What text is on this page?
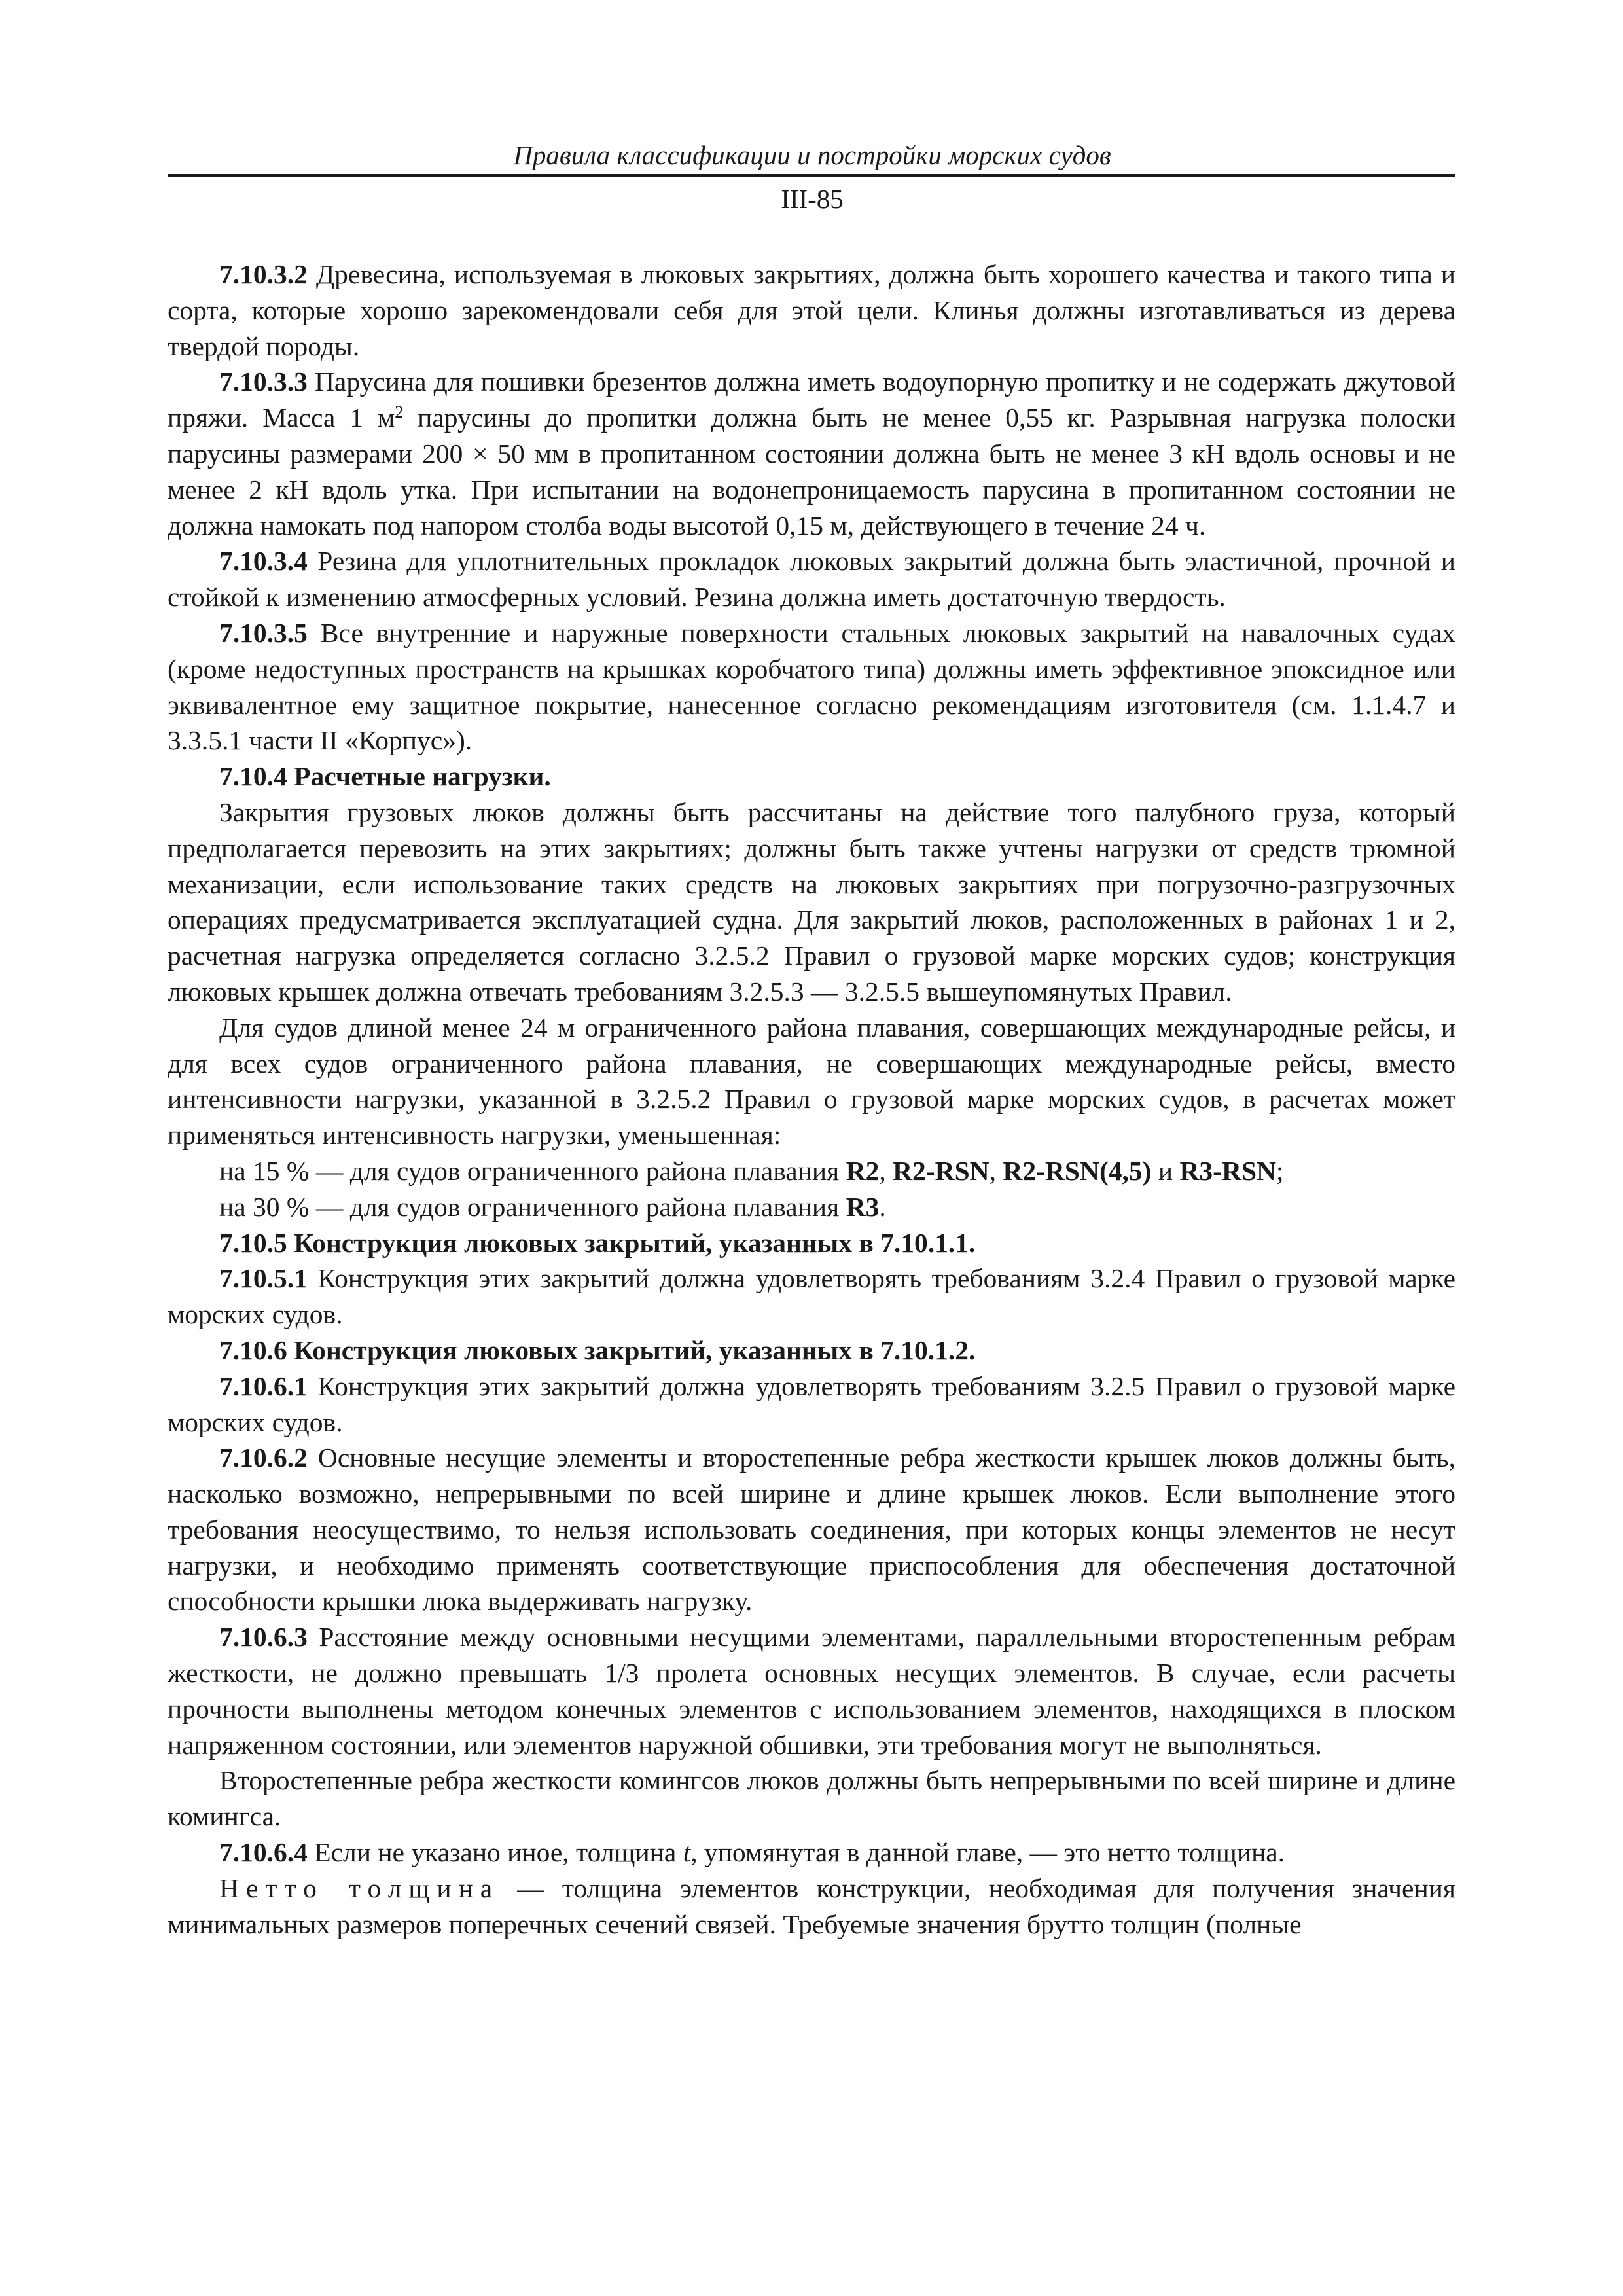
Правила классификации и постройки морских судов
III-85

7.10.3.2 Древесина, используемая в люковых закрытиях, должна быть хорошего качества и такого типа и сорта, которые хорошо зарекомендовали себя для этой цели. Клинья должны изготавливаться из дерева твердой породы.

7.10.3.3 Парусина для пошивки брезентов должна иметь водоупорную пропитку и не содержать джутовой пряжи. Масса 1 $м^2$ парусины до пропитки должна быть не менее 0,55 кг. Разрывная нагрузка полоски парусины размерами 200 × 50 мм в пропитанном состоянии должна быть не менее 3 кН вдоль основы и не менее 2 кН вдоль утка. При испытании на водонепроницаемость парусина в пропитанном состоянии не должна намокать под напором столба воды высотой 0,15 м, действующего в течение 24 ч.

7.10.3.4 Резина для уплотнительных прокладок люковых закрытий должна быть эластичной, прочной и стойкой к изменению атмосферных условий. Резина должна иметь достаточную твердость.

7.10.3.5 Все внутренние и наружные поверхности стальных люковых закрытий на навалочных судах (кроме недоступных пространств на крышках коробчатого типа) должны иметь эффективное эпоксидное или эквивалентное ему защитное покрытие, нанесенное согласно рекомендациям изготовителя (см. 1.1.4.7 и 3.3.5.1 части II «Корпус»).

7.10.4 Расчетные нагрузки.

Закрытия грузовых люков должны быть рассчитаны на действие того палубного груза, который предполагается перевозить на этих закрытиях; должны быть также учтены нагрузки от средств трюмной механизации, если использование таких средств на люковых закрытиях при погрузочно-разгрузочных операциях предусматривается эксплуатацией судна. Для закрытий люков, расположенных в районах 1 и 2, расчетная нагрузка определяется согласно 3.2.5.2 Правил о грузовой марке морских судов; конструкция люковых крышек должна отвечать требованиям 3.2.5.3 — 3.2.5.5 вышеупомянутых Правил.

Для судов длиной менее 24 м ограниченного района плавания, совершающих международные рейсы, и для всех судов ограниченного района плавания, не совершающих международные рейсы, вместо интенсивности нагрузки, указанной в 3.2.5.2 Правил о грузовой марке морских судов, в расчетах может применяться интенсивность нагрузки, уменьшенная:

на 15 % — для судов ограниченного района плавания R2, R2-RSN, R2-RSN(4,5) и R3-RSN;

на 30 % — для судов ограниченного района плавания R3.

7.10.5 Конструкция люковых закрытий, указанных в 7.10.1.1.

7.10.5.1 Конструкция этих закрытий должна удовлетворять требованиям 3.2.4 Правил о грузовой марке морских судов.

7.10.6 Конструкция люковых закрытий, указанных в 7.10.1.2.

7.10.6.1 Конструкция этих закрытий должна удовлетворять требованиям 3.2.5 Правил о грузовой марке морских судов.

7.10.6.2 Основные несущие элементы и второстепенные ребра жесткости крышек люков должны быть, насколько возможно, непрерывными по всей ширине и длине крышек люков. Если выполнение этого требования неосуществимо, то нельзя использовать соединения, при которых концы элементов не несут нагрузки, и необходимо применять соответствующие приспособления для обеспечения достаточной способности крышки люка выдерживать нагрузку.

7.10.6.3 Расстояние между основными несущими элементами, параллельными второстепенным ребрам жесткости, не должно превышать 1/3 пролета основных несущих элементов. В случае, если расчеты прочности выполнены методом конечных элементов с использованием элементов, находящихся в плоском напряженном состоянии, или элементов наружной обшивки, эти требования могут не выполняться.

Второстепенные ребра жесткости комингсов люков должны быть непрерывными по всей ширине и длине комингса.

7.10.6.4 Если не указано иное, толщина t, упомянутая в данной главе, — это нетто толщина.

Нетто толщина — толщина элементов конструкции, необходимая для получения значения минимальных размеров поперечных сечений связей. Требуемые значения брутто толщин (полные
